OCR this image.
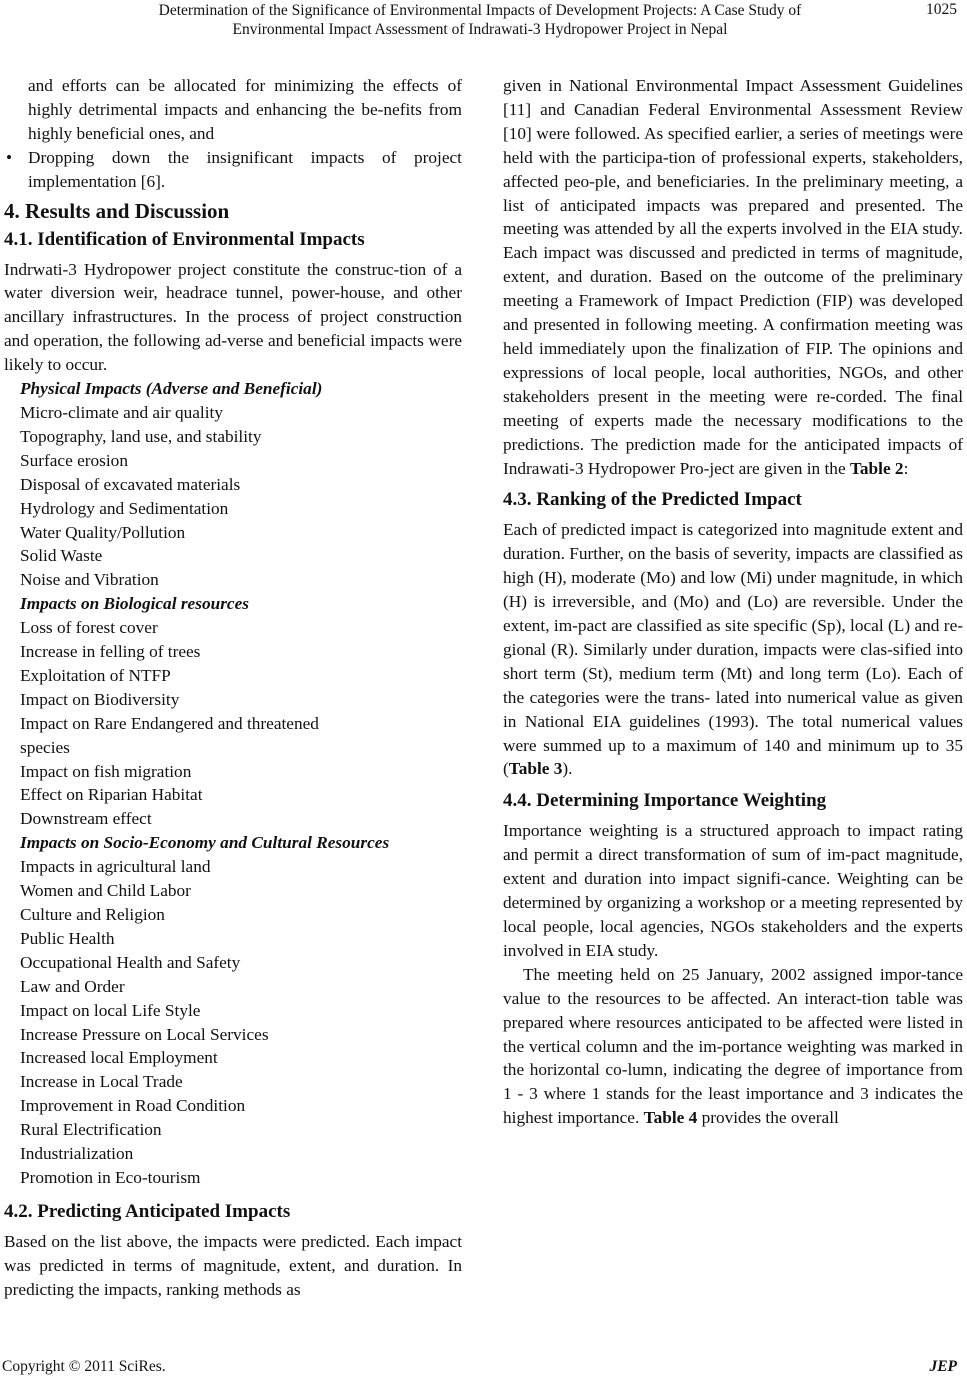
Determination of the Significance of Environmental Impacts of Development Projects: A Case Study of
Environmental Impact Assessment of Indrawati-3 Hydropower Project in Nepal
1025
and efforts can be allocated for minimizing the effects of highly detrimental impacts and enhancing the be-nefits from highly beneficial ones, and
• Dropping down the insignificant impacts of project implementation [6].
4. Results and Discussion
4.1. Identification of Environmental Impacts

Indrwati-3 Hydropower project constitute the construc-tion of a water diversion weir, headrace tunnel, power-house, and other ancillary infrastructures. In the process of project construction and operation, the following ad-verse and beneficial impacts were likely to occur.

Physical Impacts (Adverse and Beneficial)
Micro-climate and air quality
Topography, land use, and stability
Surface erosion
Disposal of excavated materials
Hydrology and Sedimentation
Water Quality/Pollution
Solid Waste
Noise and Vibration
Impacts on Biological resources
Loss of forest cover
Increase in felling of trees
Exploitation of NTFP
Impact on Biodiversity
Impact on Rare Endangered and threatened
species
Impact on fish migration
Effect on Riparian Habitat
Downstream effect
Impacts on Socio-Economy and Cultural Resources
Impacts in agricultural land
Women and Child Labor
Culture and Religion
Public Health
Occupational Health and Safety
Law and Order
Impact on local Life Style
Increase Pressure on Local Services
Increased local Employment
Increase in Local Trade
Improvement in Road Condition
Rural Electrification
Industrialization
Promotion in Eco-tourism
4.2. Predicting Anticipated Impacts

Based on the list above, the impacts were predicted. Each impact was predicted in terms of magnitude, extent, and duration. In predicting the impacts, ranking methods as

given in National Environmental Impact Assessment Guidelines [11] and Canadian Federal Environmental Assessment Review [10] were followed. As specified earlier, a series of meetings were held with the participa-tion of professional experts, stakeholders, affected peo-ple, and beneficiaries. In the preliminary meeting, a list of anticipated impacts was prepared and presented. The meeting was attended by all the experts involved in the EIA study. Each impact was discussed and predicted in terms of magnitude, extent, and duration. Based on the outcome of the preliminary meeting a Framework of Impact Prediction (FIP) was developed and presented in following meeting. A confirmation meeting was held immediately upon the finalization of FIP. The opinions and expressions of local people, local authorities, NGOs, and other stakeholders present in the meeting were re-corded. The final meeting of experts made the necessary modifications to the predictions. The prediction made for the anticipated impacts of Indrawati-3 Hydropower Pro-ject are given in the Table 2:

4.3. Ranking of the Predicted Impact

Each of predicted impact is categorized into magnitude extent and duration. Further, on the basis of severity, impacts are classified as high (H), moderate (Mo) and low (Mi) under magnitude, in which (H) is irreversible, and (Mo) and (Lo) are reversible. Under the extent, im-pact are classified as site specific (Sp), local (L) and re-gional (R). Similarly under duration, impacts were clas-sified into short term (St), medium term (Mt) and long term (Lo). Each of the categories were the trans- lated into numerical value as given in National EIA guidelines (1993). The total numerical values were summed up to a maximum of 140 and minimum up to 35 (Table 3).

4.4. Determining Importance Weighting

Importance weighting is a structured approach to impact rating and permit a direct transformation of sum of im-pact magnitude, extent and duration into impact signifi-cance. Weighting can be determined by organizing a workshop or a meeting represented by local people, local agencies, NGOs stakeholders and the experts involved in EIA study.

The meeting held on 25 January, 2002 assigned impor-tance value to the resources to be affected. An interact-tion table was prepared where resources anticipated to be affected were listed in the vertical column and the im-portance weighting was marked in the horizontal co-lumn, indicating the degree of importance from 1 - 3 where 1 stands for the least importance and 3 indicates the highest importance. Table 4 provides the overall

Copyright © 2011 SciRes.	JEP
